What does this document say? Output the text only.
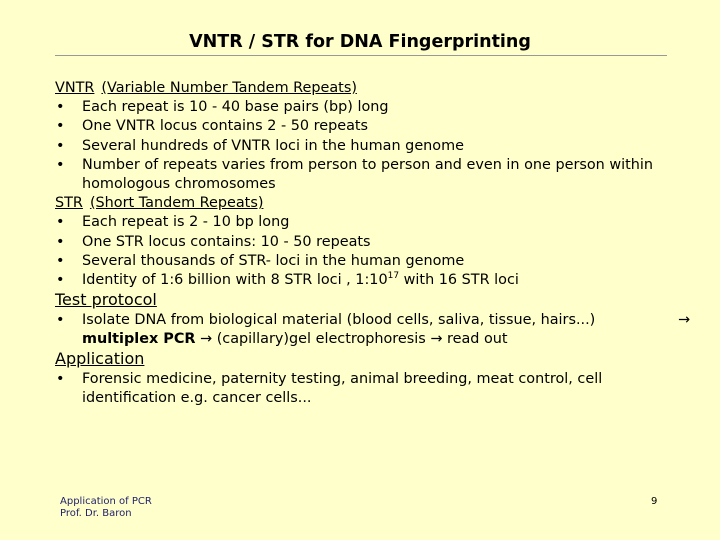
VNTR / STR for DNA Fingerprinting
VNTR (Variable Number Tandem Repeats)
• Each repeat is 10 - 40 base pairs (bp) long
• One VNTR locus contains 2 - 50 repeats
• Several hundreds of VNTR loci in the human genome
• Number of repeats varies from person to person and even in one person within homologous chromosomes
STR (Short Tandem Repeats)
• Each repeat is 2 - 10 bp long
• One STR locus contains: 10 - 50 repeats
• Several thousands of STR- loci in the human genome
• Identity of 1:6 billion with 8 STR loci , $1:10^{17}$ with 16 STR loci
Test protocol
• Isolate DNA from biological material (blood cells, saliva, tissue, hairs...)	→

multiplex PCR → (capillary)gel electrophoresis → read out
Application
• Forensic medicine, paternity testing, animal breeding, meat control, cell identification e.g. cancer cells...
Application of PCR
Prof. Dr. Baron
9
